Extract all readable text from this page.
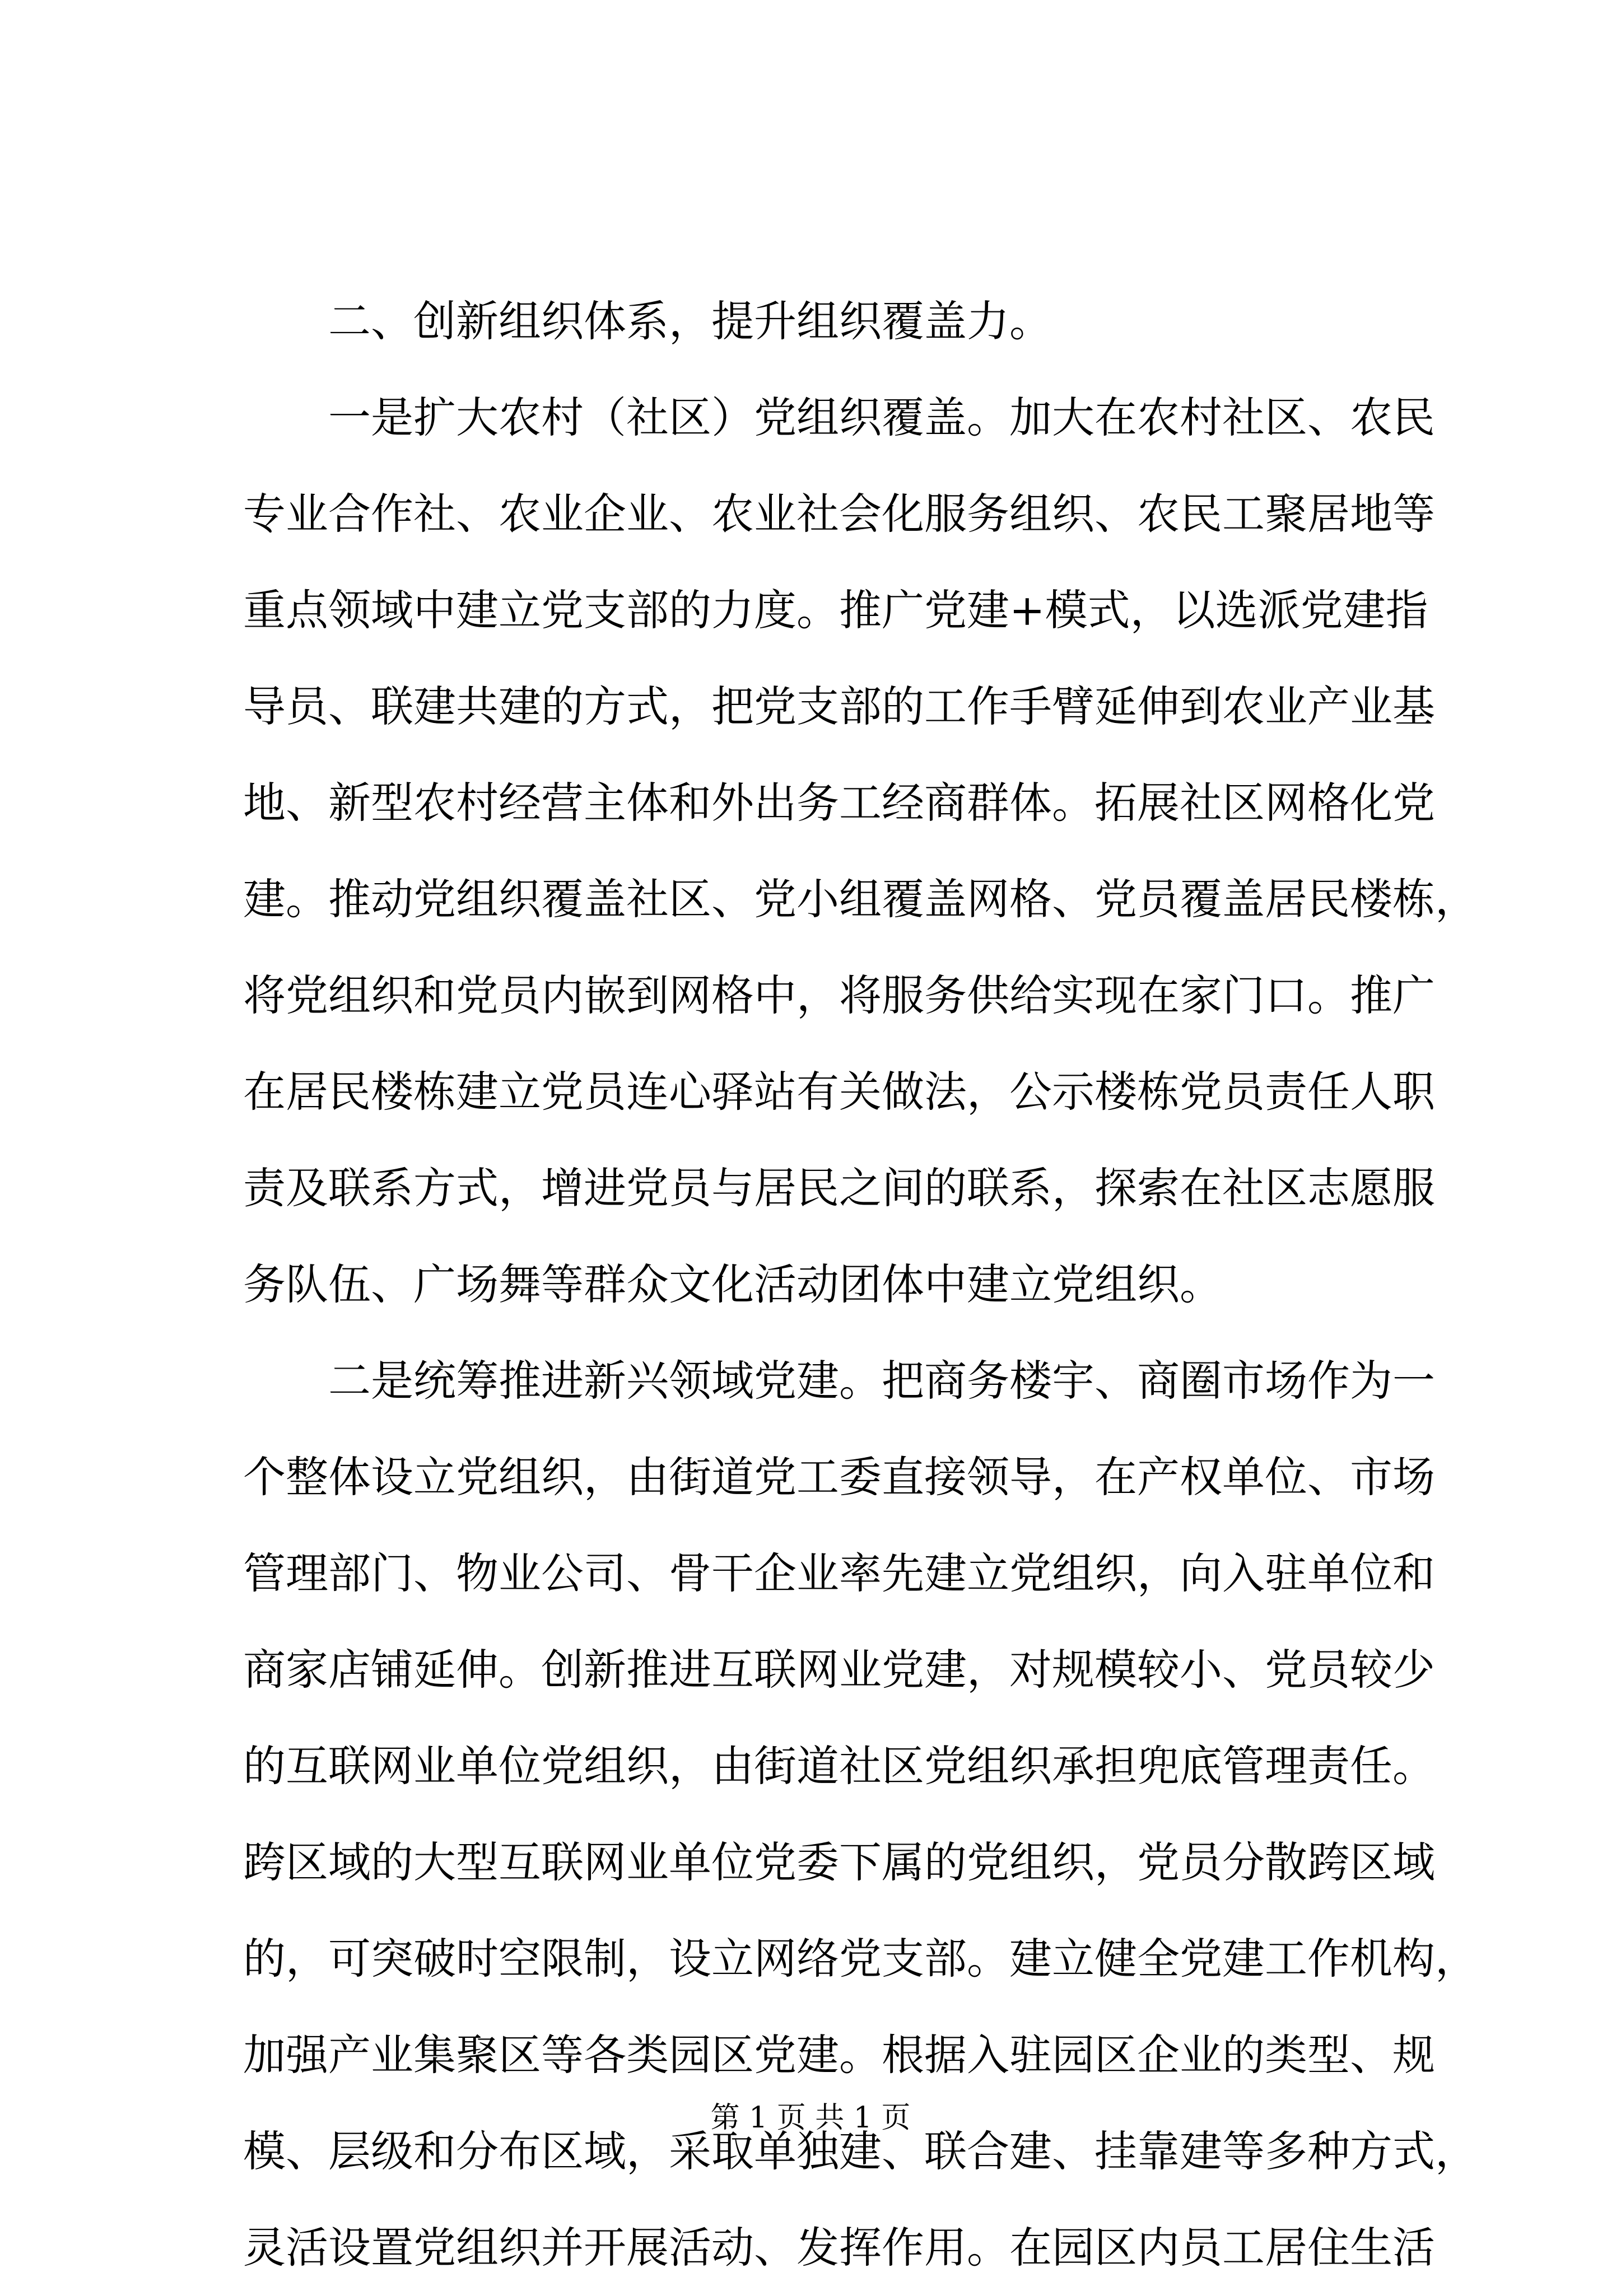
二、创新组织体系，提升组织覆盖力。
一是扩大农村（社区）党组织覆盖。加大在农村社区、农民
专业合作社、农业企业、农业社会化服务组织、农民工聚居地等
重点领域中建立党支部的力度。推广党建+模式，以选派党建指
导员、联建共建的方式，把党支部的工作手臂延伸到农业产业基
地、新型农村经营主体和外出务工经商群体。拓展社区网格化党
建。推动党组织覆盖社区、党小组覆盖网格、党员覆盖居民楼栋，
将党组织和党员内嵌到网格中，将服务供给实现在家门口。推广
在居民楼栋建立党员连心驿站有关做法，公示楼栋党员责任人职
责及联系方式，增进党员与居民之间的联系，探索在社区志愿服
务队伍、广场舞等群众文化活动团体中建立党组织。
二是统筹推进新兴领域党建。把商务楼宇、商圈市场作为一
个整体设立党组织，由街道党工委直接领导，在产权单位、市场
管理部门、物业公司、骨干企业率先建立党组织，向入驻单位和
商家店铺延伸。创新推进互联网业党建，对规模较小、党员较少
的互联网业单位党组织，由街道社区党组织承担兜底管理责任。
跨区域的大型互联网业单位党委下属的党组织，党员分散跨区域
的，可突破时空限制，设立网络党支部。建立健全党建工作机构，
加强产业集聚区等各类园区党建。根据入驻园区企业的类型、规
模、层级和分布区域，采取单独建、联合建、挂靠建等多种方式，
灵活设置党组织并开展活动、发挥作用。在园区内员工居住生活
第 1 页 共 1 页
